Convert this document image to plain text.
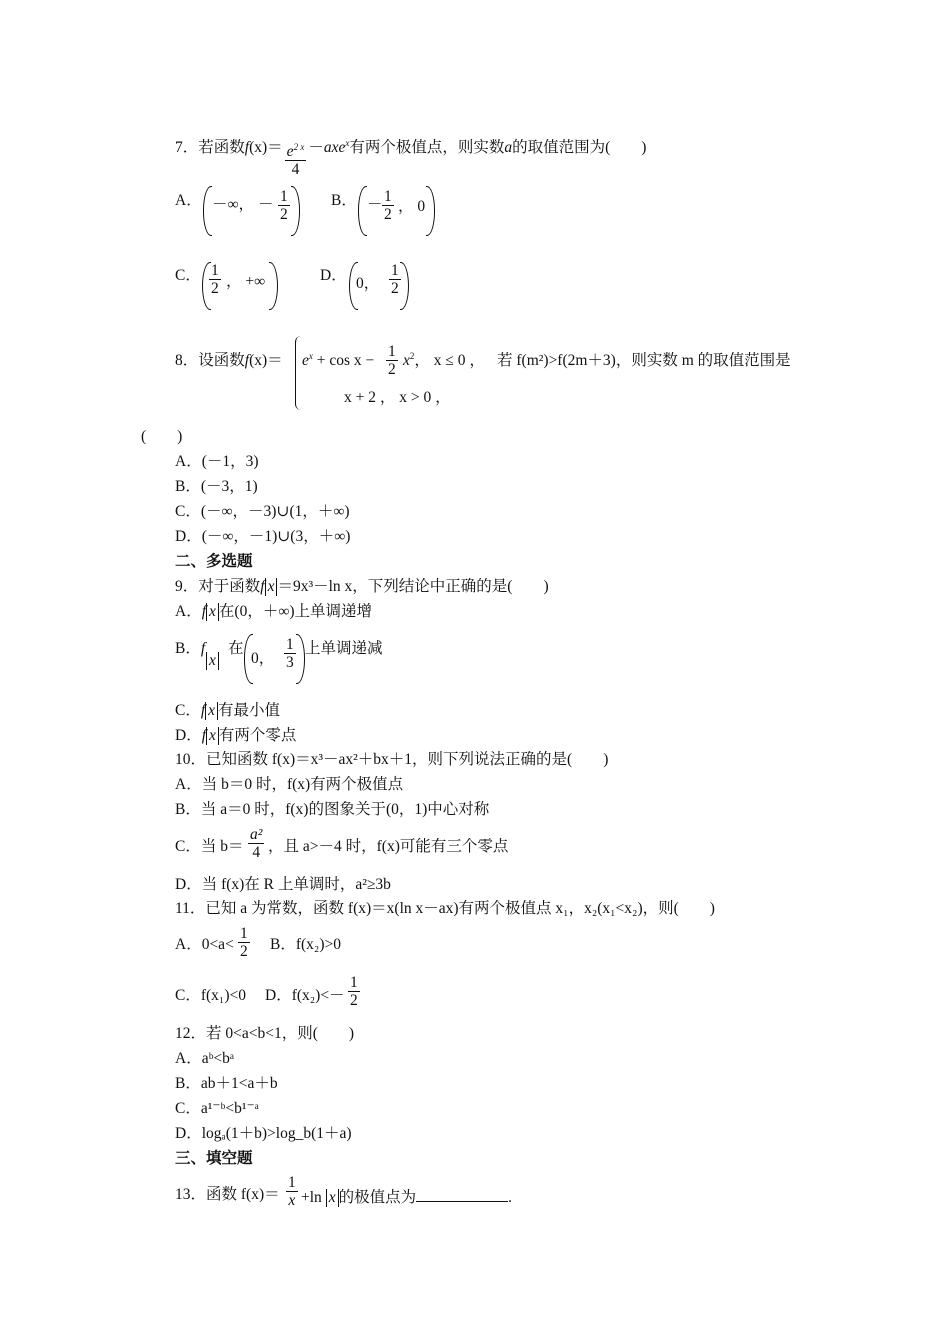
7．若函数$f(x)= \frac{e^{2 x}}{4} -axe^x$有两个极值点，则实数a的取值范围为(　　)
A． －∞， － $\frac{1}{2}$	B． － $\frac{1}{2}$ ， 0
C． $\frac{1}{2}$ ， +∞	D． 0， $\frac{1}{2}$
8．设函数$f(x)= e^x + \cos x - \frac{1}{2} x^2$， x ≤ 0 ， 若 f(m²)>f(2m＋3)，则实数 m 的取值范围是
x + 2 ， x > 0 ，
(　　)
A．(－1，3)
B．(－3，1)
C．(－∞，－3)∪(1，＋∞)
D．(－∞，－1)∪(3，＋∞)
二、多选题
9．对于函数f x ＝9x³－ln x，下列结论中正确的是(　　)
A．f x 在(0，＋∞)上单调递增
B．f
x
在
0， $\frac{1}{3}$ 上单调递减
C．f x 有最小值
D．f x 有两个零点
10．已知函数 f(x)＝x³－ax²＋bx＋1，则下列说法正确的是(　　)
A．当 b＝0 时，f(x)有两个极值点
B．当 a＝0 时，f(x)的图象关于(0，1)中心对称
C．当 $b= \frac{\text{a²}}{4}$ ，且 a>－4 时，f(x)可能有三个零点
D．当 f(x)在 R 上单调时，a²≥3b
11．已知 a 为常数，函数 f(x)＝x(ln x－ax)有两个极值点 x₁，x₂(x₁<x₂)，则(　　)
A．$0<a< \frac{1}{2}$ B．f(x₂)>0
C．f(x₁)<0 D．$f(x_2)<- \frac{1}{2}$
12．若 0<a<b<1，则(　　)
A．aᵇ<bᵃ
B．ab＋1<a＋b
C．a¹⁻ᵇ<b¹⁻ᵃ
D．logₐ(1＋b)>log_b(1＋a)
三、填空题
13．函数 $f(x)= \frac{1}{x} +\ln$ x 的极值点为	.
